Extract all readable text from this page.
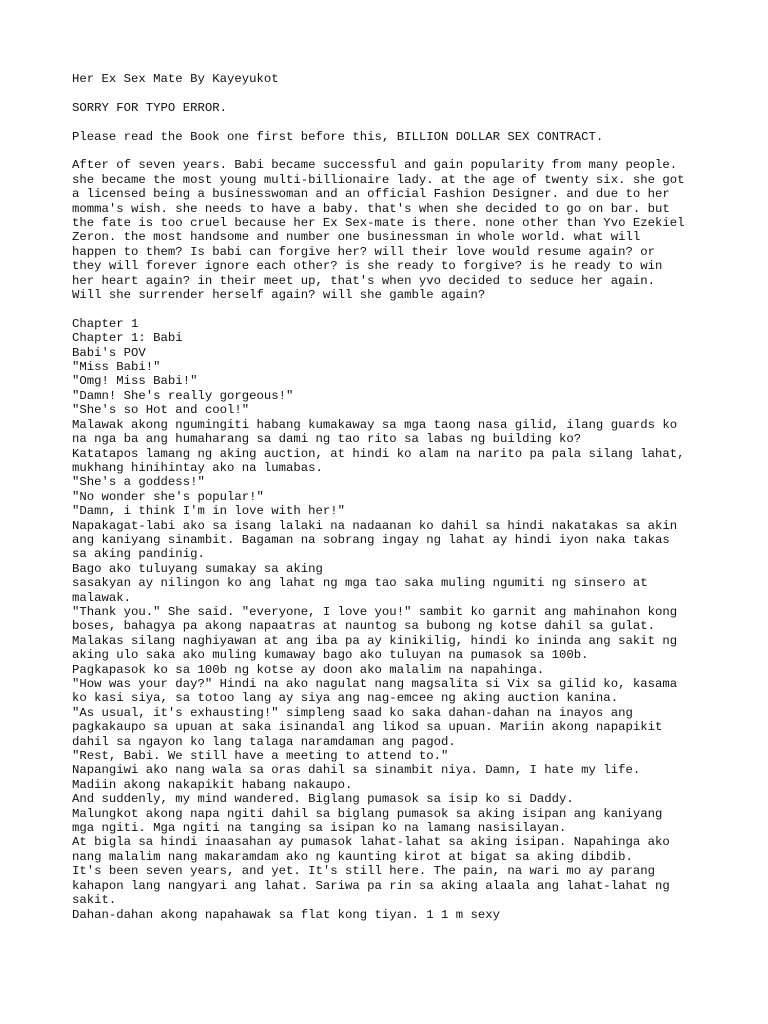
Her Ex Sex Mate By Kayeyukot
SORRY FOR TYPO ERROR.
Please read the Book one first before this, BILLION DOLLAR SEX CONTRACT.
After of seven years. Babi became successful and gain popularity from many people.
she became the most young multi-billionaire lady. at the age of twenty six. she got
a licensed being a businesswoman and an official Fashion Designer. and due to her
momma's wish. she needs to have a baby. that's when she decided to go on bar. but
the fate is too cruel because her Ex Sex-mate is there. none other than Yvo Ezekiel
Zeron. the most handsome and number one businessman in whole world. what will
happen to them? Is babi can forgive her? will their love would resume again? or
they will forever ignore each other? is she ready to forgive? is he ready to win
her heart again? in their meet up, that's when yvo decided to seduce her again.
Will she surrender herself again? will she gamble again?
Chapter 1
Chapter 1: Babi
Babi's POV
"Miss Babi!"
"Omg! Miss Babi!"
"Damn! She's really gorgeous!"
"She's so Hot and cool!"
Malawak akong ngumingiti habang kumakaway sa mga taong nasa gilid, ilang guards ko
na nga ba ang humaharang sa dami ng tao rito sa labas ng building ko?
Katatapos lamang ng aking auction, at hindi ko alam na narito pa pala silang lahat,
mukhang hinihintay ako na lumabas.
"She's a goddess!"
"No wonder she's popular!"
"Damn, i think I'm in love with her!"
Napakagat-labi ako sa isang lalaki na nadaanan ko dahil sa hindi nakatakas sa akin
ang kaniyang sinambit. Bagaman na sobrang ingay ng lahat ay hindi iyon naka takas
sa aking pandinig.
Bago ako tuluyang sumakay sa aking
sasakyan ay nilingon ko ang lahat ng mga tao saka muling ngumiti ng sinsero at
malawak.
"Thank you." She said. "everyone, I love you!" sambit ko garnit ang mahinahon kong
boses, bahagya pa akong napaatras at nauntog sa bubong ng kotse dahil sa gulat.
Malakas silang naghiyawan at ang iba pa ay kinikilig, hindi ko ininda ang sakit ng
aking ulo saka ako muling kumaway bago ako tuluyan na pumasok sa 100b.
Pagkapasok ko sa 100b ng kotse ay doon ako malalim na napahinga.
"How was your day?" Hindi na ako nagulat nang magsalita si Vix sa gilid ko, kasama
ko kasi siya, sa totoo lang ay siya ang nag-emcee ng aking auction kanina.
"As usual, it's exhausting!" simpleng saad ko saka dahan-dahan na inayos ang
pagkakaupo sa upuan at saka isinandal ang likod sa upuan. Mariin akong napapikit
dahil sa ngayon ko lang talaga naramdaman ang pagod.
"Rest, Babi. We still have a meeting to attend to."
Napangiwi ako nang wala sa oras dahil sa sinambit niya. Damn, I hate my life.
Madiin akong nakapikit habang nakaupo.
And suddenly, my mind wandered. Biglang pumasok sa isip ko si Daddy.
Malungkot akong napa ngiti dahil sa biglang pumasok sa aking isipan ang kaniyang
mga ngiti. Mga ngiti na tanging sa isipan ko na lamang nasisilayan.
At bigla sa hindi inaasahan ay pumasok lahat-lahat sa aking isipan. Napahinga ako
nang malalim nang makaramdam ako ng kaunting kirot at bigat sa aking dibdib.
It's been seven years, and yet. It's still here. The pain, na wari mo ay parang
kahapon lang nangyari ang lahat. Sariwa pa rin sa aking alaala ang lahat-lahat ng
sakit.
Dahan-dahan akong napahawak sa flat kong tiyan. 1 1 m sexy
